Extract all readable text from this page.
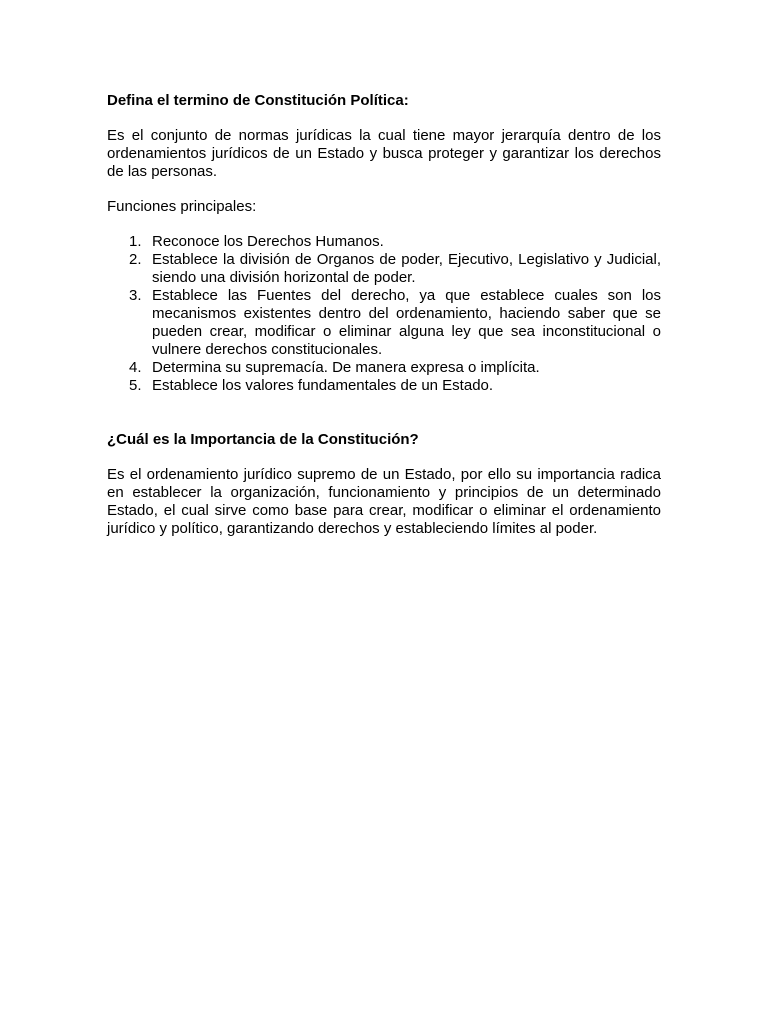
Defina el termino de Constitución Política:

Es el conjunto de normas jurídicas la cual tiene mayor jerarquía dentro de los ordenamientos jurídicos de un Estado y busca proteger y garantizar los derechos de las personas.

Funciones principales:

1. Reconoce los Derechos Humanos.
2. Establece la división de Organos de poder, Ejecutivo, Legislativo y Judicial, siendo una división horizontal de poder.
3. Establece las Fuentes del derecho, ya que establece cuales son los mecanismos existentes dentro del ordenamiento, haciendo saber que se pueden crear, modificar o eliminar alguna ley que sea inconstitucional o vulnere derechos constitucionales.
4. Determina su supremacía. De manera expresa o implícita.
5. Establece los valores fundamentales de un Estado.

¿Cuál es la Importancia de la Constitución?

Es el ordenamiento jurídico supremo de un Estado, por ello su importancia radica en establecer la organización, funcionamiento y principios de un determinado Estado, el cual sirve como base para crear, modificar o eliminar el ordenamiento jurídico y político, garantizando derechos y estableciendo límites al poder.
